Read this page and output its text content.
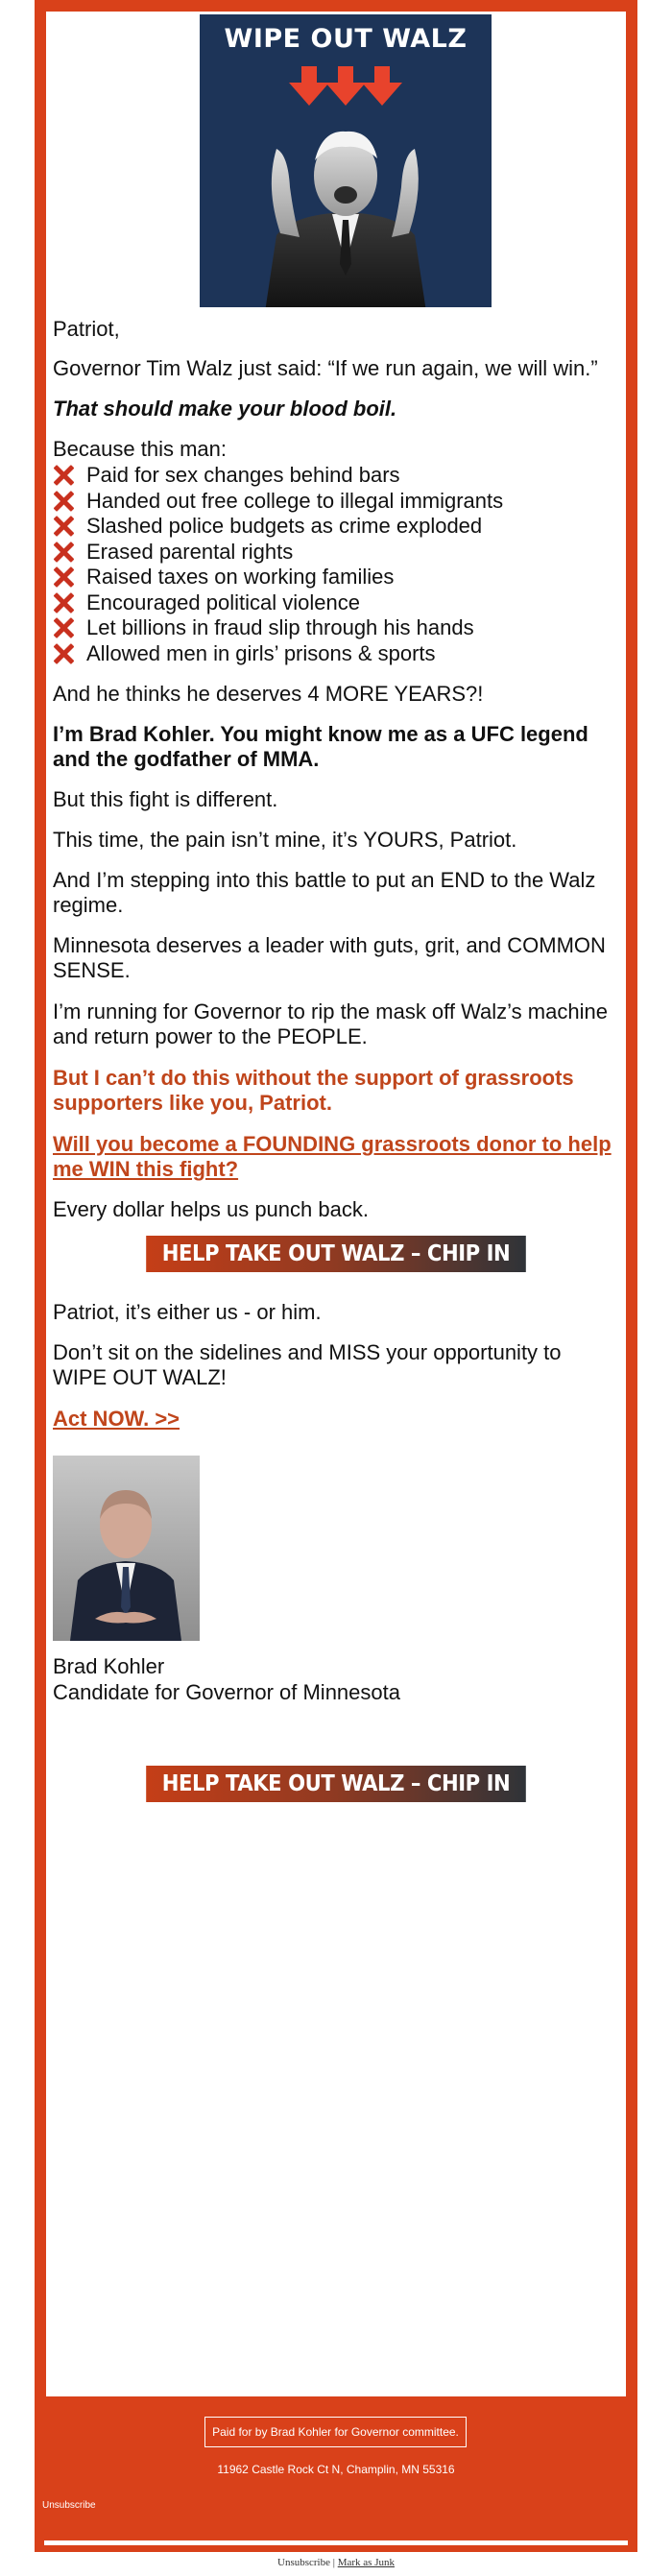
WIPE OUT WALZ
Patriot,
Governor Tim Walz just said: “If we run again, we will win.”
That should make your blood boil.
Because this man:
Paid for sex changes behind bars
Handed out free college to illegal immigrants
Slashed police budgets as crime exploded
Erased parental rights
Raised taxes on working families
Encouraged political violence
Let billions in fraud slip through his hands
Allowed men in girls’ prisons & sports
And he thinks he deserves 4 MORE YEARS?!
I’m Brad Kohler. You might know me as a UFC legend and the godfather of MMA.
But this fight is different.
This time, the pain isn’t mine, it’s YOURS, Patriot.
And I’m stepping into this battle to put an END to the Walz regime.
Minnesota deserves a leader with guts, grit, and COMMON SENSE.
I’m running for Governor to rip the mask off Walz’s machine and return power to the PEOPLE.
But I can’t do this without the support of grassroots supporters like you, Patriot.
Will you become a FOUNDING grassroots donor to help me WIN this fight?
Every dollar helps us punch back.
HELP TAKE OUT WALZ – CHIP IN $25
Patriot, it’s either us - or him.
Don’t sit on the sidelines and MISS your opportunity to WIPE OUT WALZ!
Act NOW. >>
Brad Kohler
Candidate for Governor of Minnesota
HELP TAKE OUT WALZ – CHIP IN $25
Paid for by Brad Kohler for Governor committee.
11962 Castle Rock Ct N, Champlin, MN 55316
Unsubscribe
Unsubscribe | Mark as Junk
